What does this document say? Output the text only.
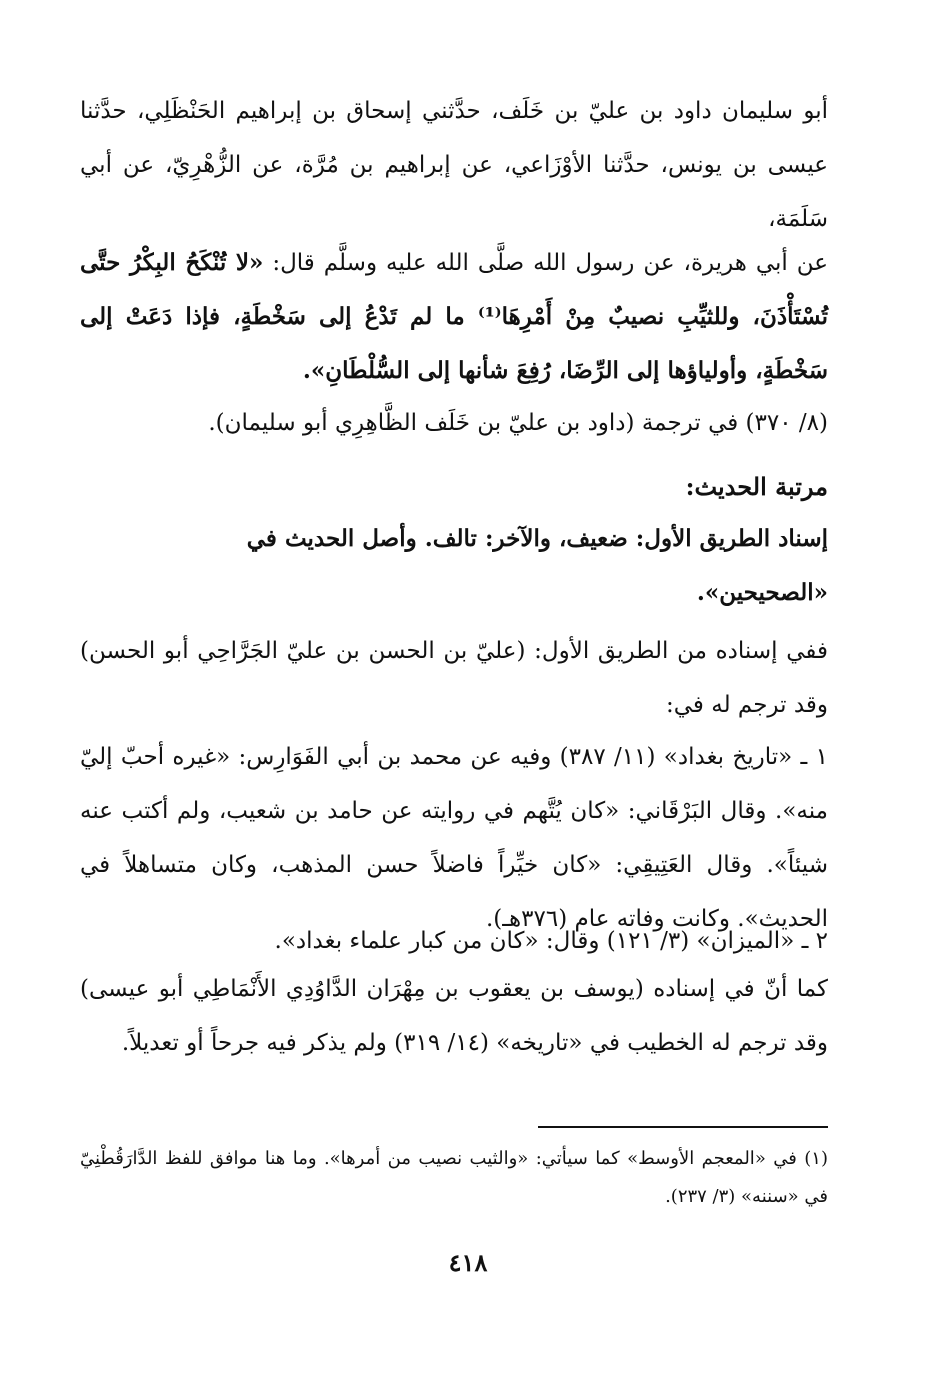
أبو سليمان داود بن عليّ بن خَلَف، حدَّثني إسحاق بن إبراهيم الحَنْظَلِي، حدَّثنا عيسى بن يونس، حدَّثنا الأوْزَاعي، عن إبراهيم بن مُرَّة، عن الزُّهْرِيّ، عن أبي سَلَمَة،
عن أبي هريرة، عن رسول الله صلَّى الله عليه وسلَّم قال: «لا تُنْكَحُ البِكْرُ حتَّى تُسْتَأْذَنَ، وللثيِّبِ نصيبٌ مِنْ أَمْرِهَا⁽¹⁾ ما لم تَدْعُ إلى سَخْطَةٍ، فإذا دَعَتْ إلى سَخْطَةٍ، وأولياؤها إلى الرِّضَا، رُفِعَ شأنها إلى السُّلْطَانِ».
(٨/ ٣٧٠) في ترجمة (داود بن عليّ بن خَلَف الظَّاهِرِي أبو سليمان).
مرتبة الحديث:
إسناد الطريق الأول: ضعيف، والآخر: تالف. وأصل الحديث في
«الصحيحين».
ففي إسناده من الطريق الأول: (عليّ بن الحسن بن عليّ الجَرَّاحِي أبو الحسن) وقد ترجم له في:
١ ـ «تاريخ بغداد» (١١/ ٣٨٧) وفيه عن محمد بن أبي الفَوَارِس: «غيره أحبّ إليّ منه». وقال البَرْقَاني: «كان يُتَّهم في روايته عن حامد بن شعيب، ولم أكتب عنه شيئاً». وقال العَتِيقِي: «كان خيِّراً فاضلاً حسن المذهب، وكان متساهلاً في الحديث». وكانت وفاته عام (٣٧٦هـ).
٢ ـ «الميزان» (٣/ ١٢١) وقال: «كان من كبار علماء بغداد».
كما أنّ في إسناده (يوسف بن يعقوب بن مِهْرَان الدَّاوُدِي الأَنْمَاطِي أبو عيسى) وقد ترجم له الخطيب في «تاريخه» (١٤/ ٣١٩) ولم يذكر فيه جرحاً أو تعديلاً.
(١) في «المعجم الأوسط» كما سيأتي: «والثيب نصيب من أمرها». وما هنا موافق للفظ الدَّارَقُطْنِيّ في «سننه» (٣/ ٢٣٧).
٤١٨
